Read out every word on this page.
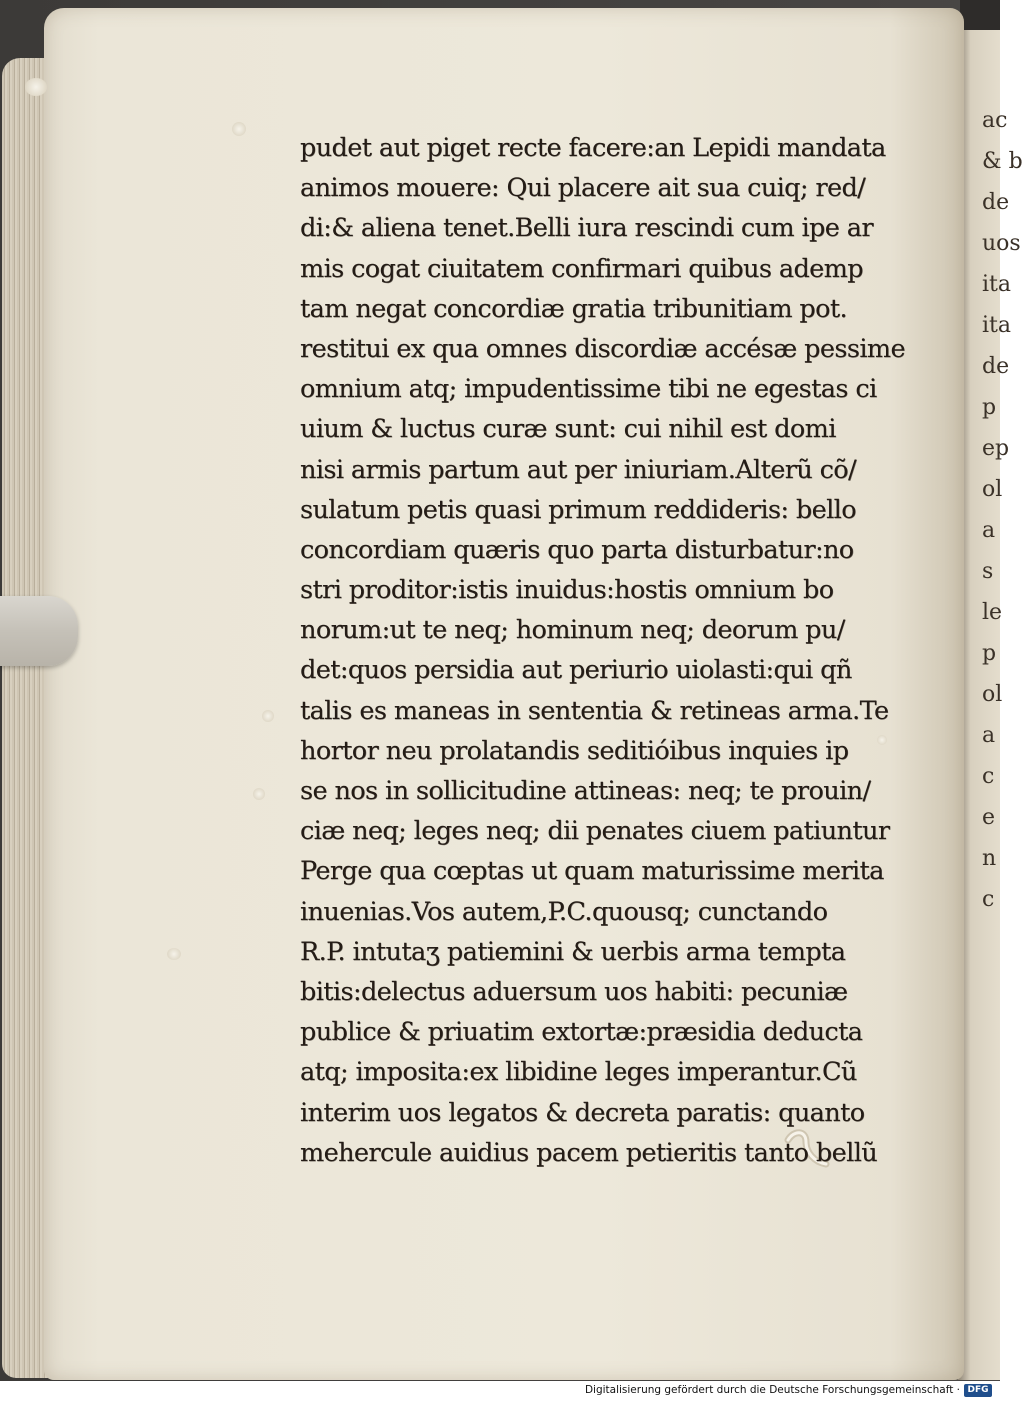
ac
& b
de
uos
ita
ita
de
p
ep
ol
a
s
le
p
ol
a
c
e
n
c
pudet aut piget recte facere:an Lepidi mandata
animos mouere: Qui placere ait sua cuiq; red/
di:& aliena tenet.Belli iura rescindi cum ipe ar
mis cogat ciuitatem confirmari quibus ademp
tam negat concordiæ gratia tribunitiam pot.
restitui ex qua omnes discordiæ accésæ pessime
omnium atq; impudentissime tibi ne egestas ci
uium & luctus curæ sunt: cui nihil est domi
nisi armis partum aut per iniuriam.Alterũ cõ/
sulatum petis quasi primum reddideris: bello
concordiam quæris quo parta disturbatur:no
stri proditor:istis inuidus:hostis omnium bo
norum:ut te neq; hominum neq; deorum pu/
det:quos persidia aut periurio uiolasti:qui qñ
talis es maneas in sententia & retineas arma.Te
hortor neu prolatandis seditióibus inquies ip
se nos in sollicitudine attineas: neq; te prouin/
ciæ neq; leges neq; dii penates ciuem patiuntur
Perge qua cœptas ut quam maturissime merita
inuenias.Vos autem,P.C.quousq; cunctando
R.P. intutaʒ patiemini & uerbis arma tempta
bitis:delectus aduersum uos habiti: pecuniæ
publice & priuatim extortæ:præsidia deducta
atq; imposita:ex libidine leges imperantur.Cũ
interim uos legatos & decreta paratis: quanto
mehercule auidius pacem petieritis tanto bellũ
Digitalisierung gefördert durch die Deutsche Forschungsgemeinschaft · DFG
